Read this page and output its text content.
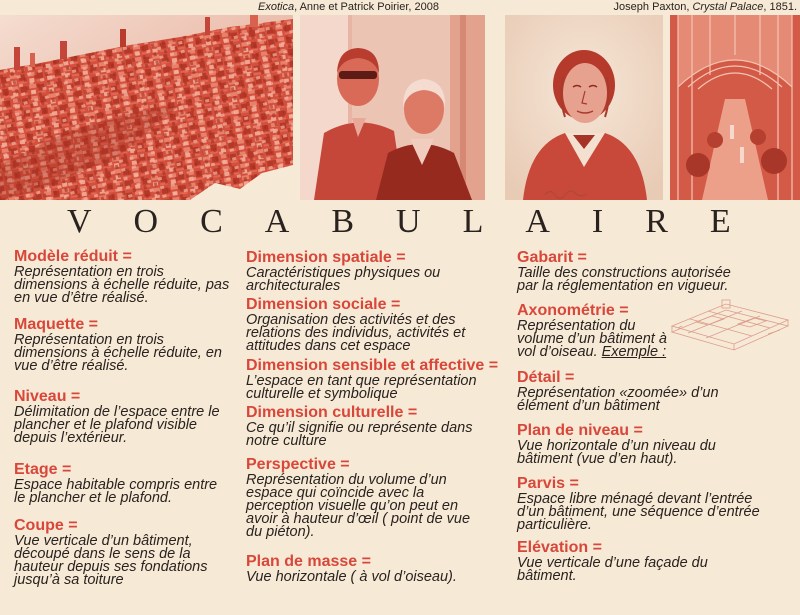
Exotica, Anne et Patrick Poirier, 2008	Joseph Paxton, Crystal Palace, 1851.
VOCABULAIRE
Modèle réduit =
Représentation en trois
dimensions à échelle réduite, pas
en vue d’être réalisé.
Maquette =
Représentation en trois
dimensions à échelle réduite, en
vue d’être réalisé.
Niveau =
Délimitation de l’espace entre le
plancher et le plafond visible
depuis l’extérieur.
Etage =
Espace habitable compris entre
le plancher et le plafond.
Coupe =
Vue verticale d’un bâtiment,
découpé dans le sens de la
hauteur depuis ses fondations
jusqu’à sa toiture
Dimension spatiale =
Caractéristiques physiques ou
architecturales
Dimension sociale =
Organisation des activités et des
relations des individus, activités et
attitudes dans cet espace
Dimension sensible et affective =
L’espace en tant que représentation
culturelle et symbolique
Dimension culturelle =
Ce qu’il signifie ou représente dans
notre culture
Perspective =
Représentation du volume d’un
espace qui coïncide avec la
perception visuelle qu’on peut en
avoir à hauteur d’œil ( point de vue
du piéton).
Plan de masse =
Vue horizontale ( à vol d’oiseau).
Gabarit =
Taille des constructions autorisée
par la réglementation en vigueur.
Axonométrie =
Représentation du
volume d’un bâtiment à
vol d’oiseau. Exemple :
Détail =
Représentation «zoomée» d’un
élément d’un bâtiment
Plan de niveau =
Vue horizontale d’un niveau du
bâtiment (vue d’en haut).
Parvis =
Espace libre ménagé devant l’entrée
d’un bâtiment, une séquence d’entrée
particulière.
Elévation =
Vue verticale d’une façade du
bâtiment.
